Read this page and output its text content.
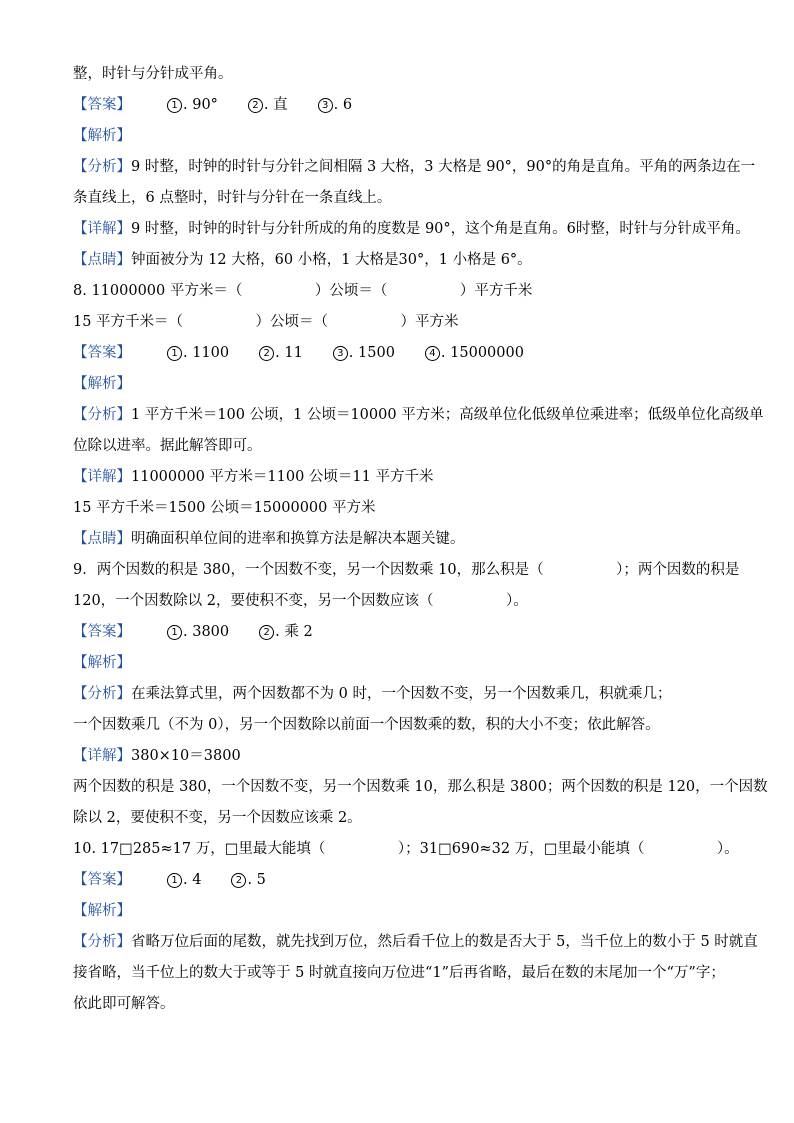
整，时针与分针成平角。
【答案】	1 . 90°	2 . 直	3 . 6
【解析】
【分析】9 时整，时钟的时针与分针之间相隔 3 大格，3 大格是 90°，90°的角是直角。平角的两条边在一
条直线上，6 点整时，时针与分针在一条直线上。
【详解】9 时整，时钟的时针与分针所成的角的度数是 90°，这个角是直角。6时整，时针与分针成平角。
【点睛】钟面被分为 12 大格，60 小格，1 大格是30°，1 小格是 6°。
8. 11000000 平方米＝（　　　　　）公顷＝（　　　　　）平方千米
15 平方千米＝（　　　　　）公顷＝（　　　　　）平方米
【答案】	1 . 1100	2 . 11	3 . 1500	4 . 15000000
【解析】
【分析】1 平方千米＝100 公顷，1 公顷＝10000 平方米；高级单位化低级单位乘进率；低级单位化高级单
位除以进率。据此解答即可。
【详解】11000000 平方米＝1100 公顷＝11 平方千米
15 平方千米＝1500 公顷＝15000000 平方米
【点睛】明确面积单位间的进率和换算方法是解决本题关键。
9．两个因数的积是 380，一个因数不变，另一个因数乘 10，那么积是（　　　　　）；两个因数的积是
120，一个因数除以 2，要使积不变，另一个因数应该（　　　　　）。
【答案】	1 . 3800	2 . 乘 2
【解析】
【分析】在乘法算式里，两个因数都不为 0 时，一个因数不变，另一个因数乘几，积就乘几；
一个因数乘几（不为 0），另一个因数除以前面一个因数乘的数，积的大小不变；依此解答。
【详解】380×10＝3800
两个因数的积是 380，一个因数不变，另一个因数乘 10，那么积是 3800；两个因数的积是 120，一个因数
除以 2，要使积不变，另一个因数应该乘 2。
10. 17□285≈17 万，□里最大能填（　　　　　）；31□690≈32 万，□里最小能填（　　　　　）。
【答案】	1 . 4	2 . 5
【解析】
【分析】省略万位后面的尾数，就先找到万位，然后看千位上的数是否大于 5，当千位上的数小于 5 时就直
接省略，当千位上的数大于或等于 5 时就直接向万位进“1”后再省略，最后在数的末尾加一个“万”字；
依此即可解答。
